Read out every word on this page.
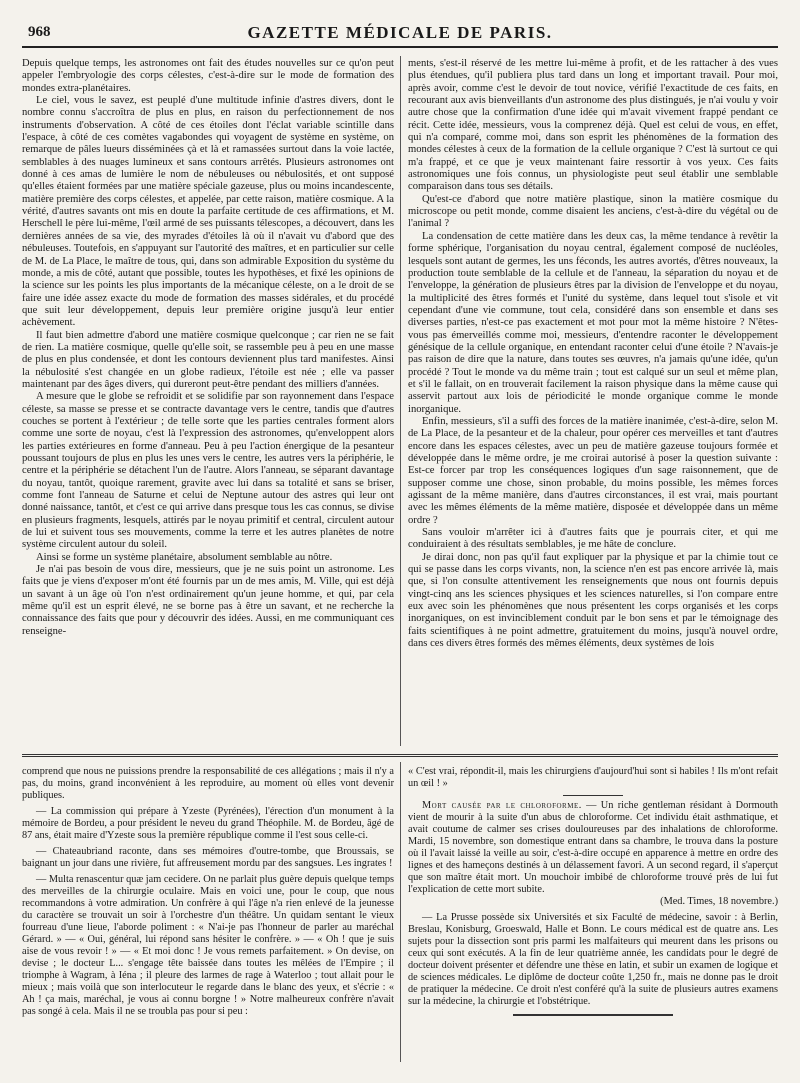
968	GAZETTE MÉDICALE DE PARIS.

Depuis quelque temps, les astronomes ont fait des études nouvelles sur ce qu'on peut appeler l'embryologie des corps célestes, c'est-à-dire sur le mode de formation des mondes extra-planétaires.

Le ciel, vous le savez, est peuplé d'une multitude infinie d'astres divers, dont le nombre connu s'accroîtra de plus en plus, en raison du perfectionnement de nos instruments d'observation. A côté de ces étoiles dont l'éclat variable scintille dans l'espace, à côté de ces comètes vagabondes qui voyagent de système en système, on remarque de pâles lueurs disséminées çà et là et ramassées surtout dans la voie lactée, semblables à des nuages lumineux et sans contours arrêtés. Plusieurs astronomes ont donné à ces amas de lumière le nom de nébuleuses ou nébulosités, et ont supposé qu'elles étaient formées par une matière spéciale gazeuse, plus ou moins incandescente, matière première des corps célestes, et appelée, par cette raison, matière cosmique. A la vérité, d'autres savants ont mis en doute la parfaite certitude de ces affirmations, et M. Herschell le père lui-même, l'œil armé de ses puissants télescopes, a découvert, dans les dernières années de sa vie, des myrades d'étoiles là où il n'avait vu d'abord que des nébuleuses. Toutefois, en s'appuyant sur l'autorité des maîtres, et en particulier sur celle de M. de La Place, le maître de tous, qui, dans son admirable Exposition du système du monde, a mis de côté, autant que possible, toutes les hypothèses, et fixé les opinions de la science sur les points les plus importants de la mécanique céleste, on a le droit de se faire une idée assez exacte du mode de formation des masses sidérales, et du procédé que suit leur développement, depuis leur première origine jusqu'à leur entier achèvement.

Il faut bien admettre d'abord une matière cosmique quelconque ; car rien ne se fait de rien. La matière cosmique, quelle qu'elle soit, se rassemble peu à peu en une masse de plus en plus condensée, et dont les contours deviennent plus tard manifestes. Ainsi la nébulosité s'est changée en un globe radieux, l'étoile est née ; elle va passer maintenant par des âges divers, qui dureront peut-être pendant des milliers d'années.

A mesure que le globe se refroidit et se solidifie par son rayonnement dans l'espace céleste, sa masse se presse et se contracte davantage vers le centre, tandis que d'autres couches se portent à l'extérieur ; de telle sorte que les parties centrales forment alors comme une sorte de noyau, c'est là l'expression des astronomes, qu'enveloppent alors les parties extérieures en forme d'anneau. Peu à peu l'action énergique de la pesanteur poussant toujours de plus en plus les unes vers le centre, les autres vers la périphérie, le centre et la périphérie se détachent l'un de l'autre. Alors l'anneau, se séparant davantage du noyau, tantôt, quoique rarement, gravite avec lui dans sa totalité et sans se briser, comme font l'anneau de Saturne et celui de Neptune autour des astres qui leur ont donné naissance, tantôt, et c'est ce qui arrive dans presque tous les cas connus, se divise en plusieurs fragments, lesquels, attirés par le noyau primitif et central, circulent autour de lui et suivent tous ses mouvements, comme la terre et les autres planètes de notre système circulent autour du soleil.

Ainsi se forme un système planétaire, absolument semblable au nôtre.

Je n'ai pas besoin de vous dire, messieurs, que je ne suis point un astronome. Les faits que je viens d'exposer m'ont été fournis par un de mes amis, M. Ville, qui est déjà un savant à un âge où l'on n'est ordinairement qu'un jeune homme, et qui, par cela même qu'il est un esprit élevé, ne se borne pas à être un savant, et ne recherche la connaissance des faits que pour y découvrir des idées. Aussi, en me communiquant ces renseigne-

ments, s'est-il réservé de les mettre lui-même à profit, et de les rattacher à des vues plus étendues, qu'il publiera plus tard dans un long et important travail. Pour moi, après avoir, comme c'est le devoir de tout novice, vérifié l'exactitude de ces faits, en recourant aux avis bienveillants d'un astronome des plus distingués, je n'ai voulu y voir autre chose que la confirmation d'une idée qui m'avait vivement frappé pendant ce récit. Cette idée, messieurs, vous la comprenez déjà. Quel est celui de vous, en effet, qui n'a comparé, comme moi, dans son esprit les phénomènes de la formation des mondes célestes à ceux de la formation de la cellule organique ? C'est là surtout ce qui m'a frappé, et ce que je veux maintenant faire ressortir à vos yeux. Ces faits astronomiques une fois connus, un physiologiste peut seul établir une semblable comparaison dans tous ses détails.

Qu'est-ce d'abord que notre matière plastique, sinon la matière cosmique du microscope ou petit monde, comme disaient les anciens, c'est-à-dire du végétal ou de l'animal ?

La condensation de cette matière dans les deux cas, la même tendance à revêtir la forme sphérique, l'organisation du noyau central, également composé de nucléoles, lesquels sont autant de germes, les uns féconds, les autres avortés, d'êtres nouveaux, la production toute semblable de la cellule et de l'anneau, la séparation du noyau et de l'enveloppe, la génération de plusieurs êtres par la division de l'enveloppe et du noyau, la multiplicité des êtres formés et l'unité du système, dans lequel tout s'isole et vit cependant d'une vie commune, tout cela, considéré dans son ensemble et dans ses diverses parties, n'est-ce pas exactement et mot pour mot la même histoire ? N'êtes-vous pas émerveillés comme moi, messieurs, d'entendre raconter le développement génésique de la cellule organique, en entendant raconter celui d'une étoile ? N'avais-je pas raison de dire que la nature, dans toutes ses œuvres, n'a jamais qu'une idée, qu'un procédé ? Tout le monde va du même train ; tout est calqué sur un seul et même plan, et s'il le fallait, on en trouverait facilement la raison physique dans la même cause qui asservit partout aux lois de périodicité le monde organique comme le monde inorganique.

Enfin, messieurs, s'il a suffi des forces de la matière inanimée, c'est-à-dire, selon M. de La Place, de la pesanteur et de la chaleur, pour opérer ces merveilles et tant d'autres encore dans les espaces célestes, avec un peu de matière gazeuse toujours formée et développée dans le même ordre, je me croirai autorisé à poser la question suivante : Est-ce forcer par trop les conséquences logiques d'un sage raisonnement, que de supposer comme une chose, sinon probable, du moins possible, les mêmes forces agissant de la même manière, dans d'autres circonstances, il est vrai, mais pourtant avec les mêmes éléments de la même matière, disposée et développée dans un même ordre ?

Sans vouloir m'arrêter ici à d'autres faits que je pourrais citer, et qui me conduiraient à des résultats semblables, je me hâte de conclure.

Je dirai donc, non pas qu'il faut expliquer par la physique et par la chimie tout ce qui se passe dans les corps vivants, non, la science n'en est pas encore arrivée là, mais que, si l'on consulte attentivement les renseignements que nous ont fournis depuis vingt-cinq ans les sciences physiques et les sciences naturelles, si l'on compare entre eux avec soin les phénomènes que nous présentent les corps organisés et les corps inorganiques, on est invinciblement conduit par le bon sens et par le témoignage des faits scientifiques à ne point admettre, gratuitement du moins, jusqu'à nouvel ordre, dans ces divers êtres formés des mêmes éléments, deux systèmes de lois

comprend que nous ne puissions prendre la responsabilité de ces allégations ; mais il n'y a pas, du moins, grand inconvénient à les reproduire, au moment où elles vont devenir publiques.

— La commission qui prépare à Yzeste (Pyrénées), l'érection d'un monument à la mémoire de Bordeu, a pour président le neveu du grand Théophile. M. de Bordeu, âgé de 87 ans, était maire d'Yzeste sous la première république comme il l'est sous celle-ci.

— Chateaubriand raconte, dans ses mémoires d'outre-tombe, que Broussais, se baignant un jour dans une rivière, fut affreusement mordu par des sangsues. Les ingrates !

— Multa renascentur quæ jam cecidere. On ne parlait plus guère depuis quelque temps des merveilles de la chirurgie oculaire. Mais en voici une, pour le coup, que nous recommandons à votre admiration. Un confrère à qui l'âge n'a rien enlevé de la jeunesse du caractère se trouvait un soir à l'orchestre d'un théâtre. Un quidam sentant le vieux fourreau d'une lieue, l'aborde poliment : « N'ai-je pas l'honneur de parler au maréchal Gérard. » — « Oui, général, lui répond sans hésiter le confrère. » — « Oh ! que je suis aise de vous revoir ! » — « Et moi donc ! Je vous remets parfaitement. » On devise, on devise ; le docteur L... s'engage tête baissée dans toutes les mêlées de l'Empire ; il triomphe à Wagram, à Iéna ; il pleure des larmes de rage à Waterloo ; tout allait pour le mieux ; mais voilà que son interlocuteur le regarde dans le blanc des yeux, et s'écrie : « Ah ! ça mais, maréchal, je vous ai connu borgne ! » Notre malheureux confrère n'avait pas songé à cela. Mais il ne se troubla pas pour si peu :

« C'est vrai, répondit-il, mais les chirurgiens d'aujourd'hui sont si habiles ! Ils m'ont refait un œil ! »

Mort causée par le chloroforme. — Un riche gentleman résidant à Dormouth vient de mourir à la suite d'un abus de chloroforme. Cet individu était asthmatique, et avait coutume de calmer ses crises douloureuses par des inhalations de chloroforme. Mardi, 15 novembre, son domestique entrant dans sa chambre, le trouva dans la posture où il l'avait laissé la veille au soir, c'est-à-dire occupé en apparence à mettre en ordre des lignes et des hameçons destinés à un délassement favori. A un second regard, il s'aperçut que son maître était mort. Un mouchoir imbibé de chloroforme trouvé près de lui fut l'explication de cette mort subite.

(Med. Times, 18 novembre.)

— La Prusse possède six Universités et six Faculté de médecine, savoir : à Berlin, Breslau, Konisburg, Groeswald, Halle et Bonn. Le cours médical est de quatre ans. Les sujets pour la dissection sont pris parmi les malfaiteurs qui meurent dans les prisons ou ceux qui sont exécutés. A la fin de leur quatrième année, les candidats pour le degré de docteur doivent présenter et défendre une thèse en latin, et subir un examen de logique et de sciences médicales. Le diplôme de docteur coûte 1,250 fr., mais ne donne pas le droit de pratiquer la médecine. Ce droit n'est conféré qu'à la suite de plusieurs autres examens sur la médecine, la chirurgie et l'obstétrique.
